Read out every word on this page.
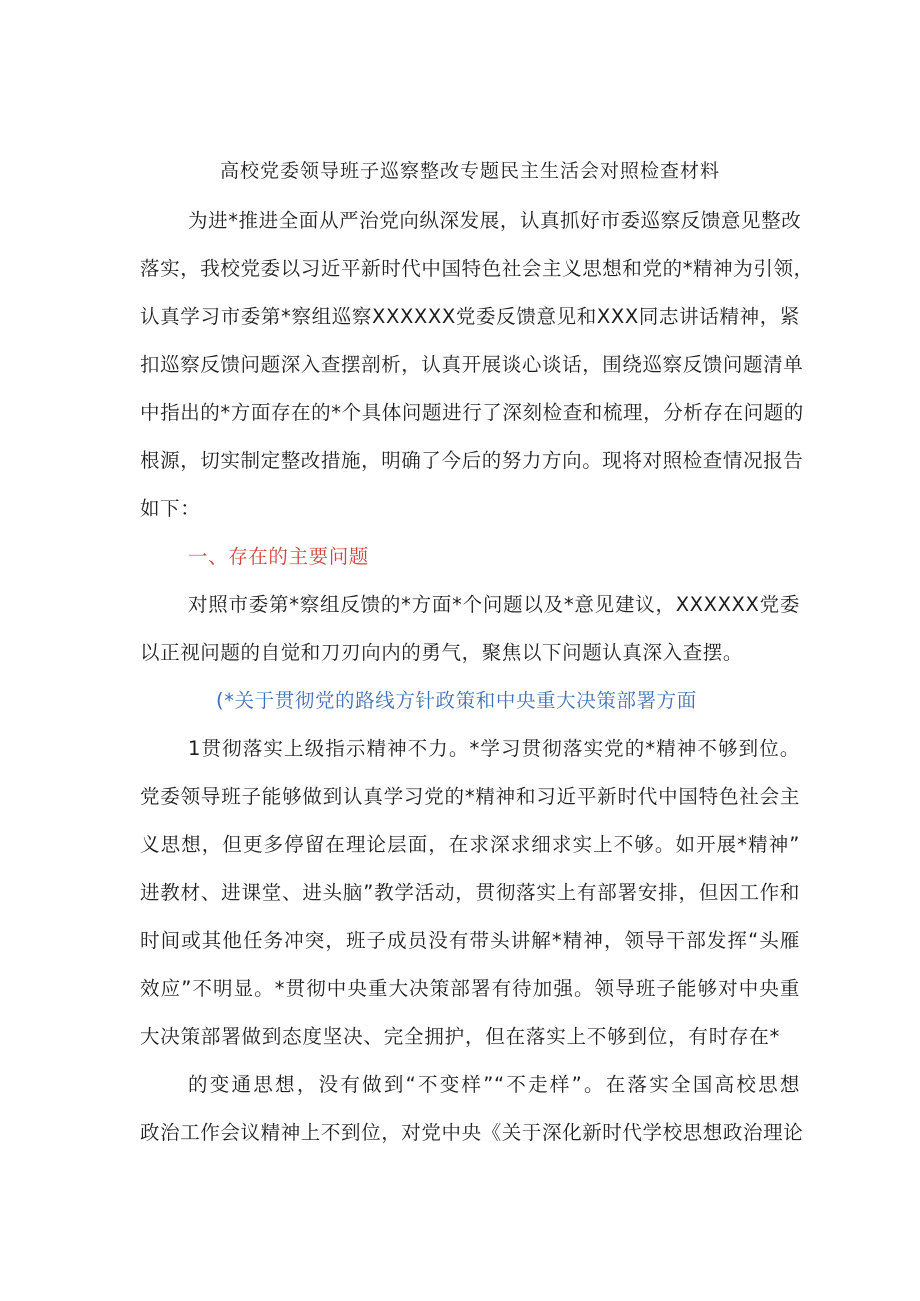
高校党委领导班子巡察整改专题民主生活会对照检查材料
为进*推进全面从严治党向纵深发展，认真抓好市委巡察反馈意见整改
落实，我校党委以习近平新时代中国特色社会主义思想和党的*精神为引领，
认真学习市委第*察组巡察XXXXXX党委反馈意见和XXX同志讲话精神，紧
扣巡察反馈问题深入查摆剖析，认真开展谈心谈话，围绕巡察反馈问题清单
中指出的*方面存在的*个具体问题进行了深刻检查和梳理，分析存在问题的
根源，切实制定整改措施，明确了今后的努力方向。现将对照检查情况报告
如下：
一、存在的主要问题
对照市委第*察组反馈的*方面*个问题以及*意见建议，XXXXXX党委
以正视问题的自觉和刀刃向内的勇气，聚焦以下问题认真深入查摆。
(*关于贯彻党的路线方针政策和中央重大决策部署方面
1贯彻落实上级指示精神不力。*学习贯彻落实党的*精神不够到位。
党委领导班子能够做到认真学习党的*精神和习近平新时代中国特色社会主
义思想，但更多停留在理论层面，在求深求细求实上不够。如开展*精神”
进教材、进课堂、进头脑”教学活动，贯彻落实上有部署安排，但因工作和
时间或其他任务冲突，班子成员没有带头讲解*精神，领导干部发挥“头雁
效应”不明显。*贯彻中央重大决策部署有待加强。领导班子能够对中央重
大决策部署做到态度坚决、完全拥护，但在落实上不够到位，有时存在*
的变通思想，没有做到“不变样”“不走样”。在落实全国高校思想
政治工作会议精神上不到位，对党中央《关于深化新时代学校思想政治理论
